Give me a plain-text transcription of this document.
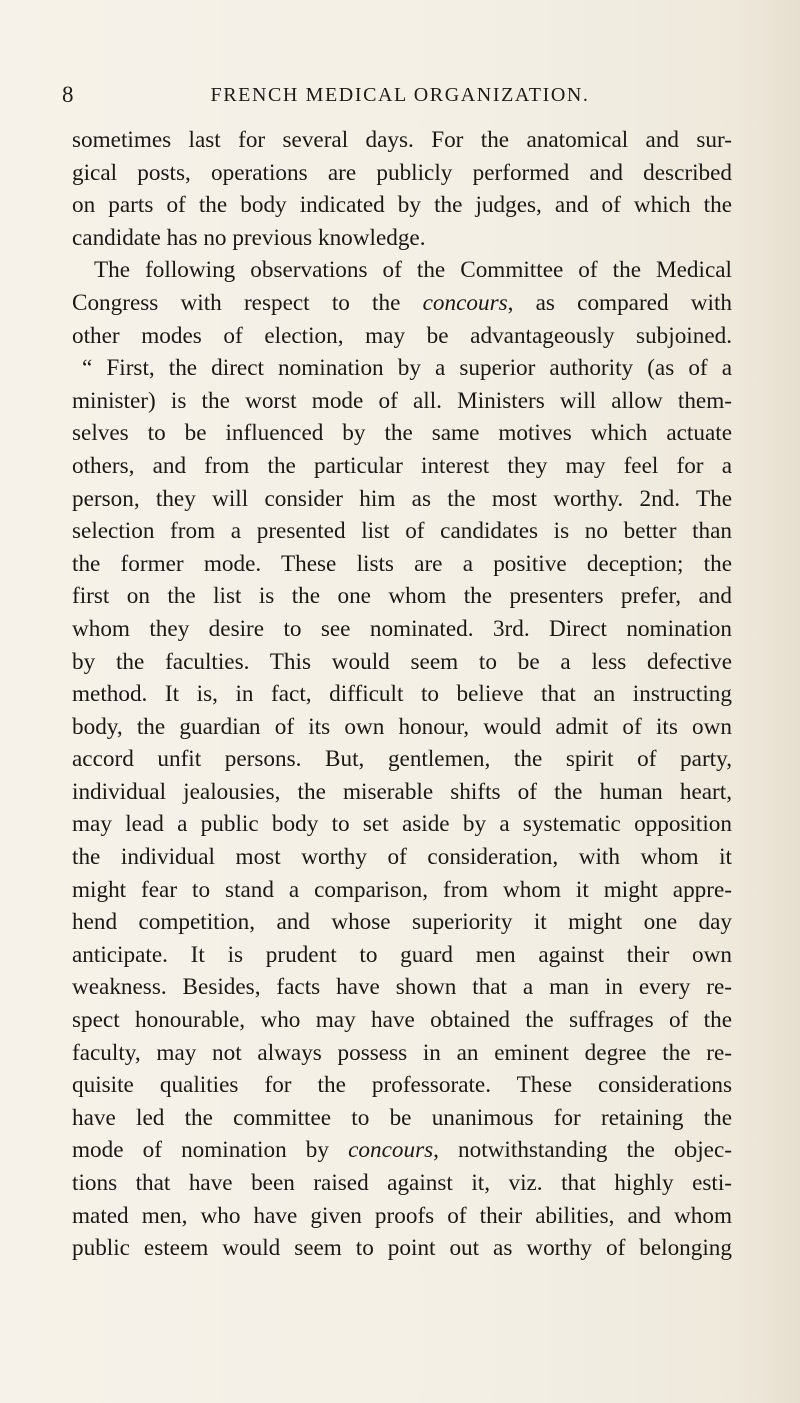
8	FRENCH MEDICAL ORGANIZATION.
sometimes last for several days. For the anatomical and sur-
gical posts, operations are publicly performed and described
on parts of the body indicated by the judges, and of which the
candidate has no previous knowledge.
The following observations of the Committee of the Medical
Congress with respect to the concours, as compared with
other modes of election, may be advantageously subjoined.
“ First, the direct nomination by a superior authority (as of a
minister) is the worst mode of all. Ministers will allow them-
selves to be influenced by the same motives which actuate
others, and from the particular interest they may feel for a
person, they will consider him as the most worthy. 2nd. The
selection from a presented list of candidates is no better than
the former mode. These lists are a positive deception; the
first on the list is the one whom the presenters prefer, and
whom they desire to see nominated. 3rd. Direct nomination
by the faculties. This would seem to be a less defective
method. It is, in fact, difficult to believe that an instructing
body, the guardian of its own honour, would admit of its own
accord unfit persons. But, gentlemen, the spirit of party,
individual jealousies, the miserable shifts of the human heart,
may lead a public body to set aside by a systematic opposition
the individual most worthy of consideration, with whom it
might fear to stand a comparison, from whom it might appre-
hend competition, and whose superiority it might one day
anticipate. It is prudent to guard men against their own
weakness. Besides, facts have shown that a man in every re-
spect honourable, who may have obtained the suffrages of the
faculty, may not always possess in an eminent degree the re-
quisite qualities for the professorate. These considerations
have led the committee to be unanimous for retaining the
mode of nomination by concours, notwithstanding the objec-
tions that have been raised against it, viz. that highly esti-
mated men, who have given proofs of their abilities, and whom
public esteem would seem to point out as worthy of belonging
